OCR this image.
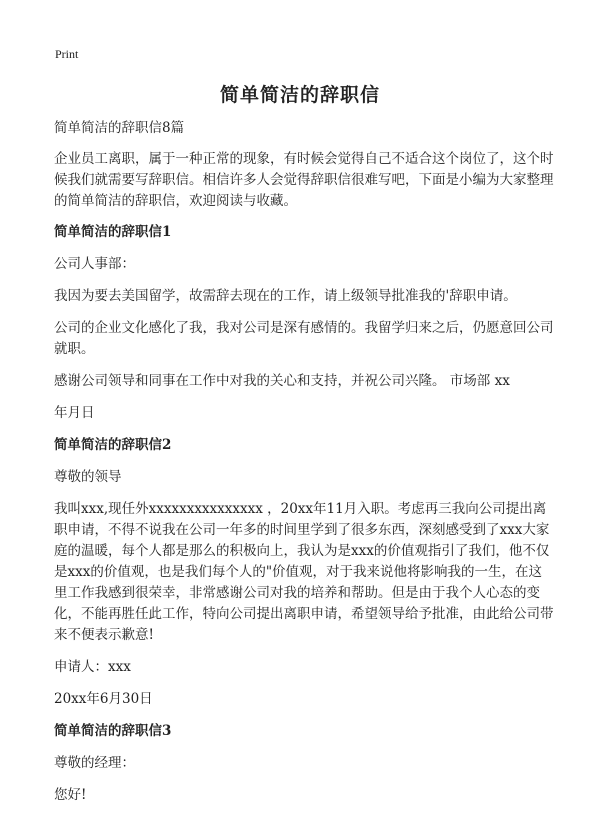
Print
简单简洁的辞职信

简单简洁的辞职信8篇

企业员工离职，属于一种正常的现象，有时候会觉得自己不适合这个岗位了，这个时候我们就需要写辞职信。相信许多人会觉得辞职信很难写吧，下面是小编为大家整理的简单简洁的辞职信，欢迎阅读与收藏。

简单简洁的辞职信1

公司人事部：

我因为要去美国留学，故需辞去现在的工作，请上级领导批准我的'辞职申请。

公司的企业文化感化了我，我对公司是深有感情的。我留学归来之后，仍愿意回公司就职。

感谢公司领导和同事在工作中对我的关心和支持，并祝公司兴隆。 市场部 xx

年月日

简单简洁的辞职信2

尊敬的领导

我叫xxx,现任外xxxxxxxxxxxxxxx ，20xx年11月入职。考虑再三我向公司提出离职申请，不得不说我在公司一年多的时间里学到了很多东西，深刻感受到了xxx大家庭的温暖，每个人都是那么的积极向上，我认为是xxx的价值观指引了我们，他不仅是xxx的价值观，也是我们每个人的"价值观，对于我来说他将影响我的一生，在这里工作我感到很荣幸，非常感谢公司对我的培养和帮助。但是由于我个人心态的变化，不能再胜任此工作，特向公司提出离职申请，希望领导给予批准，由此给公司带来不便表示歉意!

申请人：xxx

20xx年6月30日

简单简洁的辞职信3

尊敬的经理：

您好!
